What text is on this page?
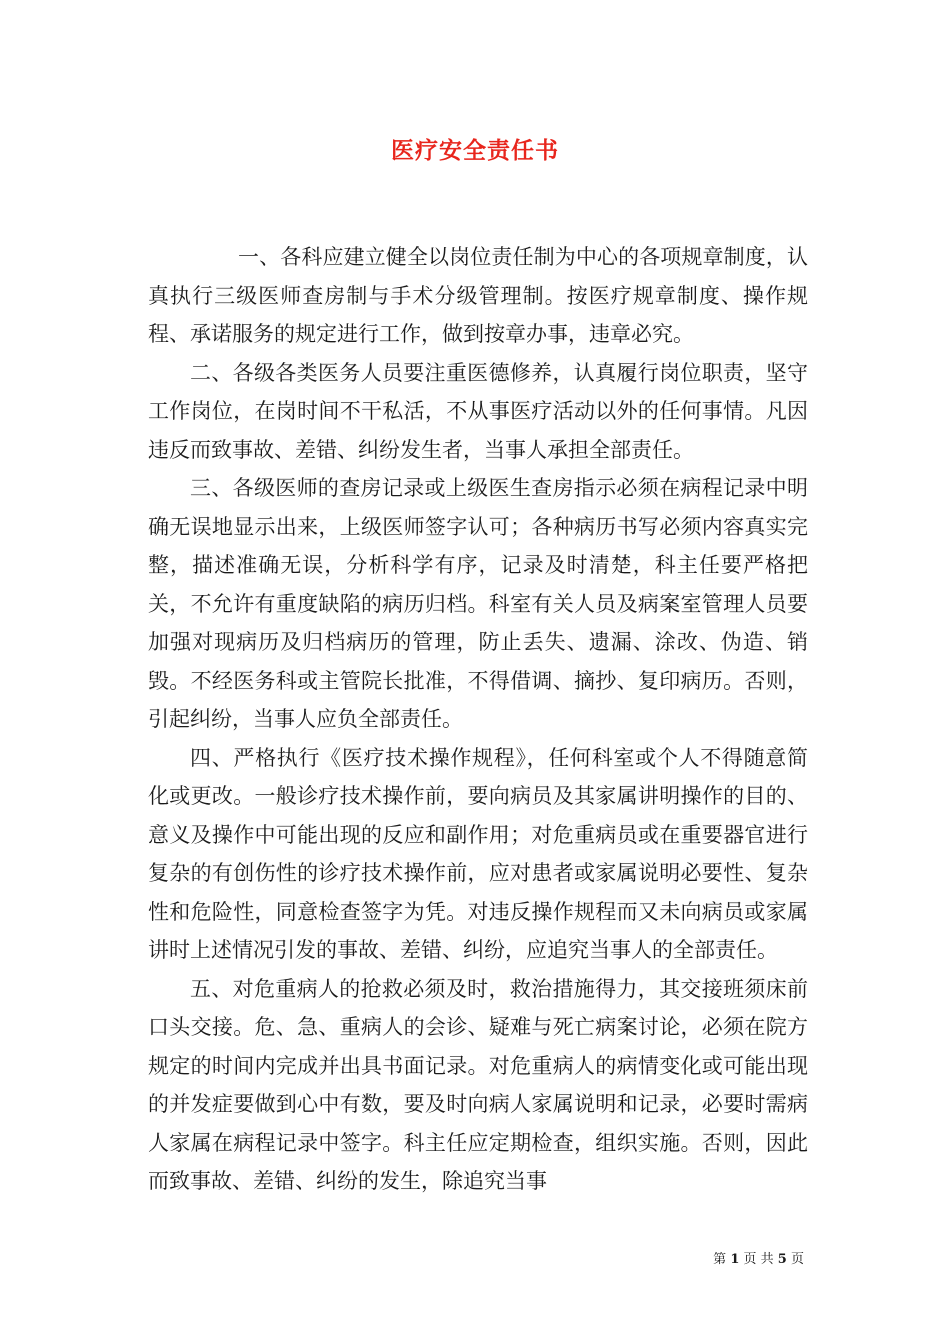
医疗安全责任书

一、各科应建立健全以岗位责任制为中心的各项规章制度，认真执行三级医师查房制与手术分级管理制。按医疗规章制度、操作规程、承诺服务的规定进行工作，做到按章办事，违章必究。

二、各级各类医务人员要注重医德修养，认真履行岗位职责，坚守工作岗位，在岗时间不干私活，不从事医疗活动以外的任何事情。凡因违反而致事故、差错、纠纷发生者，当事人承担全部责任。

三、各级医师的查房记录或上级医生查房指示必须在病程记录中明确无误地显示出来，上级医师签字认可；各种病历书写必须内容真实完整，描述准确无误，分析科学有序，记录及时清楚，科主任要严格把关，不允许有重度缺陷的病历归档。科室有关人员及病案室管理人员要加强对现病历及归档病历的管理，防止丢失、遗漏、涂改、伪造、销毁。不经医务科或主管院长批准，不得借调、摘抄、复印病历。否则，引起纠纷，当事人应负全部责任。

四、严格执行《医疗技术操作规程》，任何科室或个人不得随意简化或更改。一般诊疗技术操作前，要向病员及其家属讲明操作的目的、意义及操作中可能出现的反应和副作用；对危重病员或在重要器官进行复杂的有创伤性的诊疗技术操作前，应对患者或家属说明必要性、复杂性和危险性，同意检查签字为凭。对违反操作规程而又未向病员或家属讲时上述情况引发的事故、差错、纠纷，应追究当事人的全部责任。

五、对危重病人的抢救必须及时，救治措施得力，其交接班须床前口头交接。危、急、重病人的会诊、疑难与死亡病案讨论，必须在院方规定的时间内完成并出具书面记录。对危重病人的病情变化或可能出现的并发症要做到心中有数，要及时向病人家属说明和记录，必要时需病人家属在病程记录中签字。科主任应定期检查，组织实施。否则，因此而致事故、差错、纠纷的发生，除追究当事

第 1 页 共 5 页
